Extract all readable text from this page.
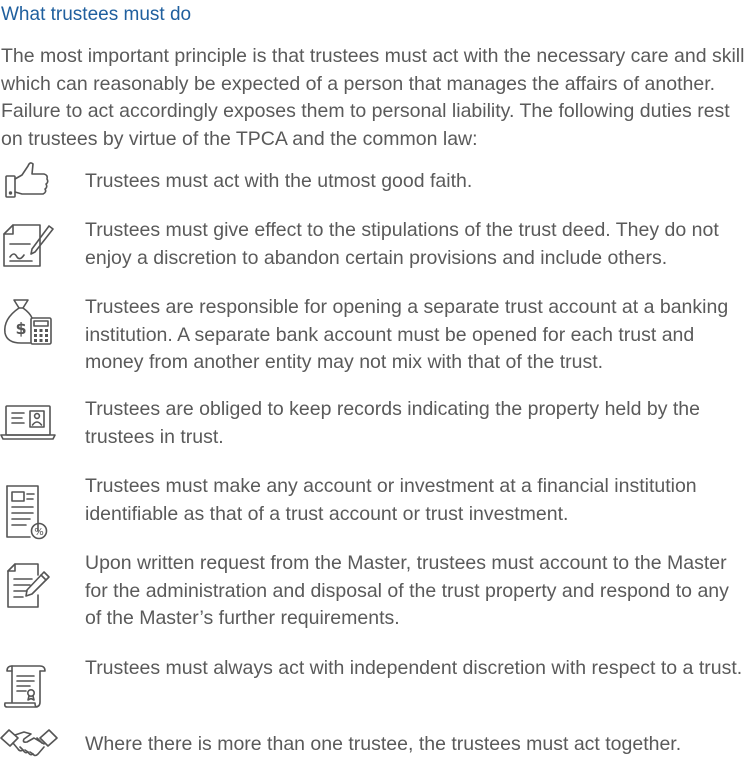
What trustees must do

The most important principle is that trustees must act with the necessary care and skill which can reasonably be expected of a person that manages the affairs of another. Failure to act accordingly exposes them to personal liability. The following duties rest on trustees by virtue of the TPCA and the common law:

Trustees must act with the utmost good faith.

Trustees must give effect to the stipulations of the trust deed. They do not enjoy a discretion to abandon certain provisions and include others.

$

Trustees are responsible for opening a separate trust account at a banking institution. A separate bank account must be opened for each trust and money from another entity may not mix with that of the trust.

Trustees are obliged to keep records indicating the property held by the trustees in trust.

%

Trustees must make any account or investment at a financial institution identifiable as that of a trust account or trust investment.

Upon written request from the Master, trustees must account to the Master for the administration and disposal of the trust property and respond to any of the Master’s further requirements.

Trustees must always act with independent discretion with respect to a trust.

Where there is more than one trustee, the trustees must act together.
